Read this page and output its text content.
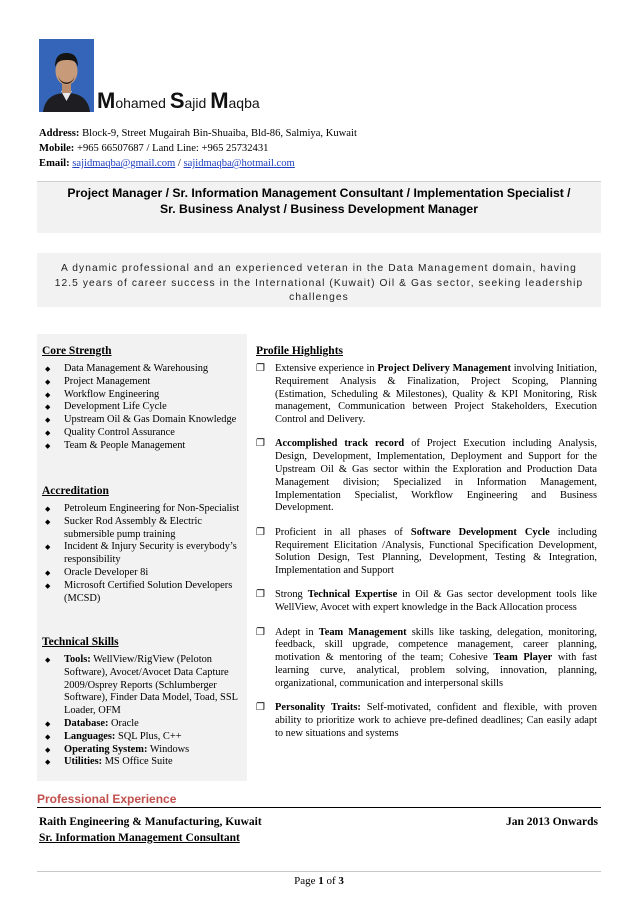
Mohamed Sajid Maqba
Address: Block-9, Street Mugairah Bin-Shuaiba, Bld-86, Salmiya, Kuwait
Mobile: +965 66507687 / Land Line: +965 25732431
Email: sajidmaqba@gmail.com / sajidmaqba@hotmail.com
Project Manager / Sr. Information Management Consultant / Implementation Specialist /
Sr. Business Analyst / Business Development Manager
A dynamic professional and an experienced veteran in the Data Management domain, having
12.5 years of career success in the International (Kuwait) Oil & Gas sector, seeking leadership
challenges
Core Strength
◆ Data Management & Warehousing
◆ Project Management
◆ Workflow Engineering
◆ Development Life Cycle
◆ Upstream Oil & Gas Domain Knowledge
◆ Quality Control Assurance
◆ Team & People Management
Accreditation
◆ Petroleum Engineering for Non-Specialist
◆ Sucker Rod Assembly & Electric submersible pump training
◆ Incident & Injury Security is everybody’s responsibility
◆ Oracle Developer 8i
◆ Microsoft Certified Solution Developers (MCSD)
Technical Skills
◆ Tools: WellView/RigView (Peloton Software), Avocet/Avocet Data Capture 2009/Osprey Reports (Schlumberger Software), Finder Data Model, Toad, SSL Loader, OFM
◆ Database: Oracle
◆ Languages: SQL Plus, C++
◆ Operating System: Windows
◆ Utilities: MS Office Suite
Profile Highlights
❐ Extensive experience in Project Delivery Management involving Initiation, Requirement Analysis & Finalization, Project Scoping, Planning (Estimation, Scheduling & Milestones), Quality & KPI Monitoring, Risk management, Communication between Project Stakeholders, Execution Control and Delivery.
❐ Accomplished track record of Project Execution including Analysis, Design, Development, Implementation, Deployment and Support for the Upstream Oil & Gas sector within the Exploration and Production Data Management division; Specialized in Information Management, Implementation Specialist, Workflow Engineering and Business Development.
❐ Proficient in all phases of Software Development Cycle including Requirement Elicitation /Analysis, Functional Specification Development, Solution Design, Test Planning, Development, Testing & Integration, Implementation and Support
❐ Strong Technical Expertise in Oil & Gas sector development tools like WellView, Avocet with expert knowledge in the Back Allocation process
❐ Adept in Team Management skills like tasking, delegation, monitoring, feedback, skill upgrade, competence management, career planning, motivation & mentoring of the team; Cohesive Team Player with fast learning curve, analytical, problem solving, innovation, planning, organizational, communication and interpersonal skills
❐ Personality Traits: Self-motivated, confident and flexible, with proven ability to prioritize work to achieve pre-defined deadlines; Can easily adapt to new situations and systems
Professional Experience
Raith Engineering & Manufacturing, Kuwait	Jan 2013 Onwards
Sr. Information Management Consultant
Page 1 of 3
